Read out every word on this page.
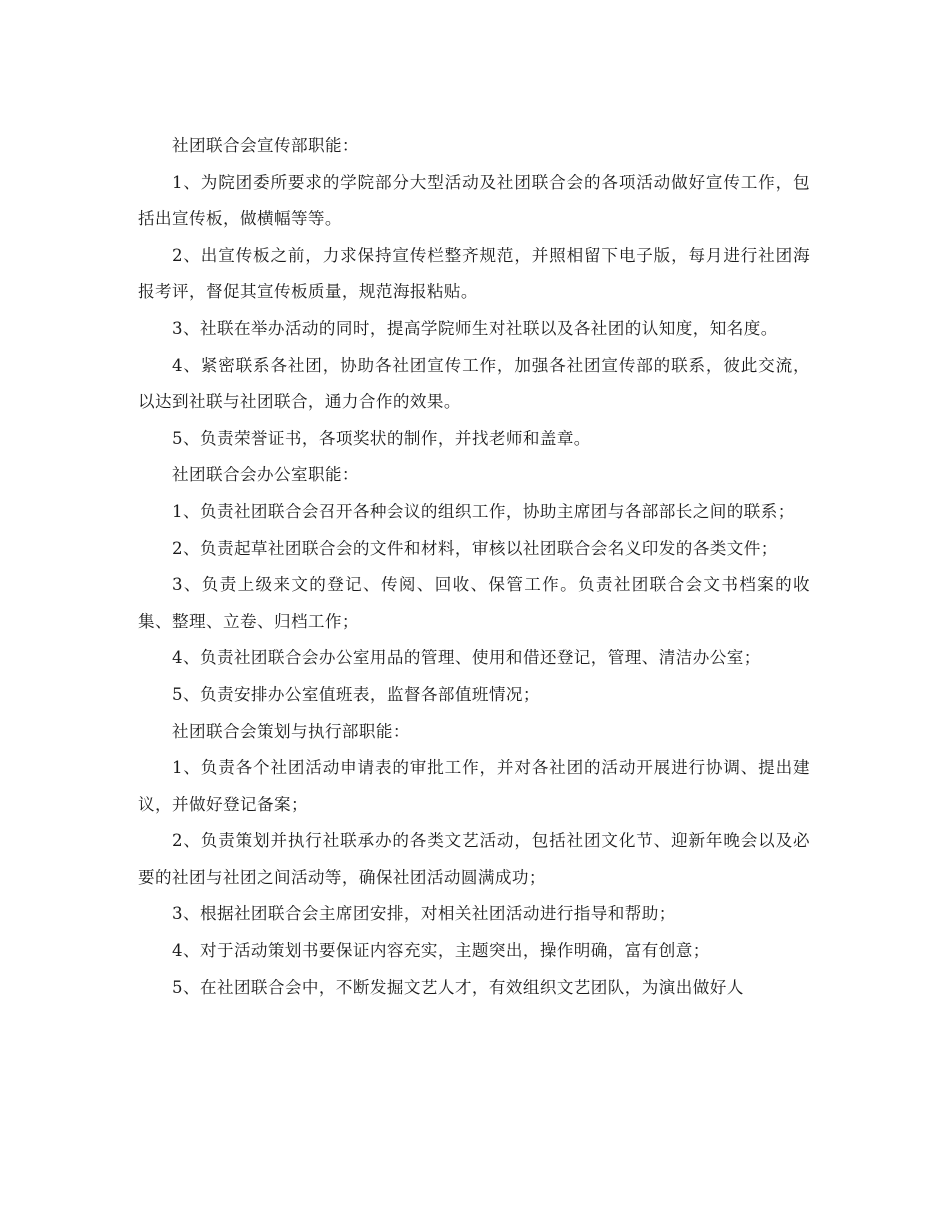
社团联合会宣传部职能：

1、为院团委所要求的学院部分大型活动及社团联合会的各项活动做好宣传工作，包括出宣传板，做横幅等等。

2、出宣传板之前，力求保持宣传栏整齐规范，并照相留下电子版，每月进行社团海报考评，督促其宣传板质量，规范海报粘贴。

3、社联在举办活动的同时，提高学院师生对社联以及各社团的认知度，知名度。

4、紧密联系各社团，协助各社团宣传工作，加强各社团宣传部的联系，彼此交流，以达到社联与社团联合，通力合作的效果。

5、负责荣誉证书，各项奖状的制作，并找老师和盖章。

社团联合会办公室职能：

1、负责社团联合会召开各种会议的组织工作，协助主席团与各部部长之间的联系；

2、负责起草社团联合会的文件和材料，审核以社团联合会名义印发的各类文件；

3、负责上级来文的登记、传阅、回收、保管工作。负责社团联合会文书档案的收集、整理、立卷、归档工作；

4、负责社团联合会办公室用品的管理、使用和借还登记，管理、清洁办公室；

5、负责安排办公室值班表，监督各部值班情况；

社团联合会策划与执行部职能：

1、负责各个社团活动申请表的审批工作，并对各社团的活动开展进行协调、提出建议，并做好登记备案；

2、负责策划并执行社联承办的各类文艺活动，包括社团文化节、迎新年晚会以及必要的社团与社团之间活动等，确保社团活动圆满成功；

3、根据社团联合会主席团安排，对相关社团活动进行指导和帮助；

4、对于活动策划书要保证内容充实，主题突出，操作明确，富有创意；

5、在社团联合会中，不断发掘文艺人才，有效组织文艺团队，为演出做好人
